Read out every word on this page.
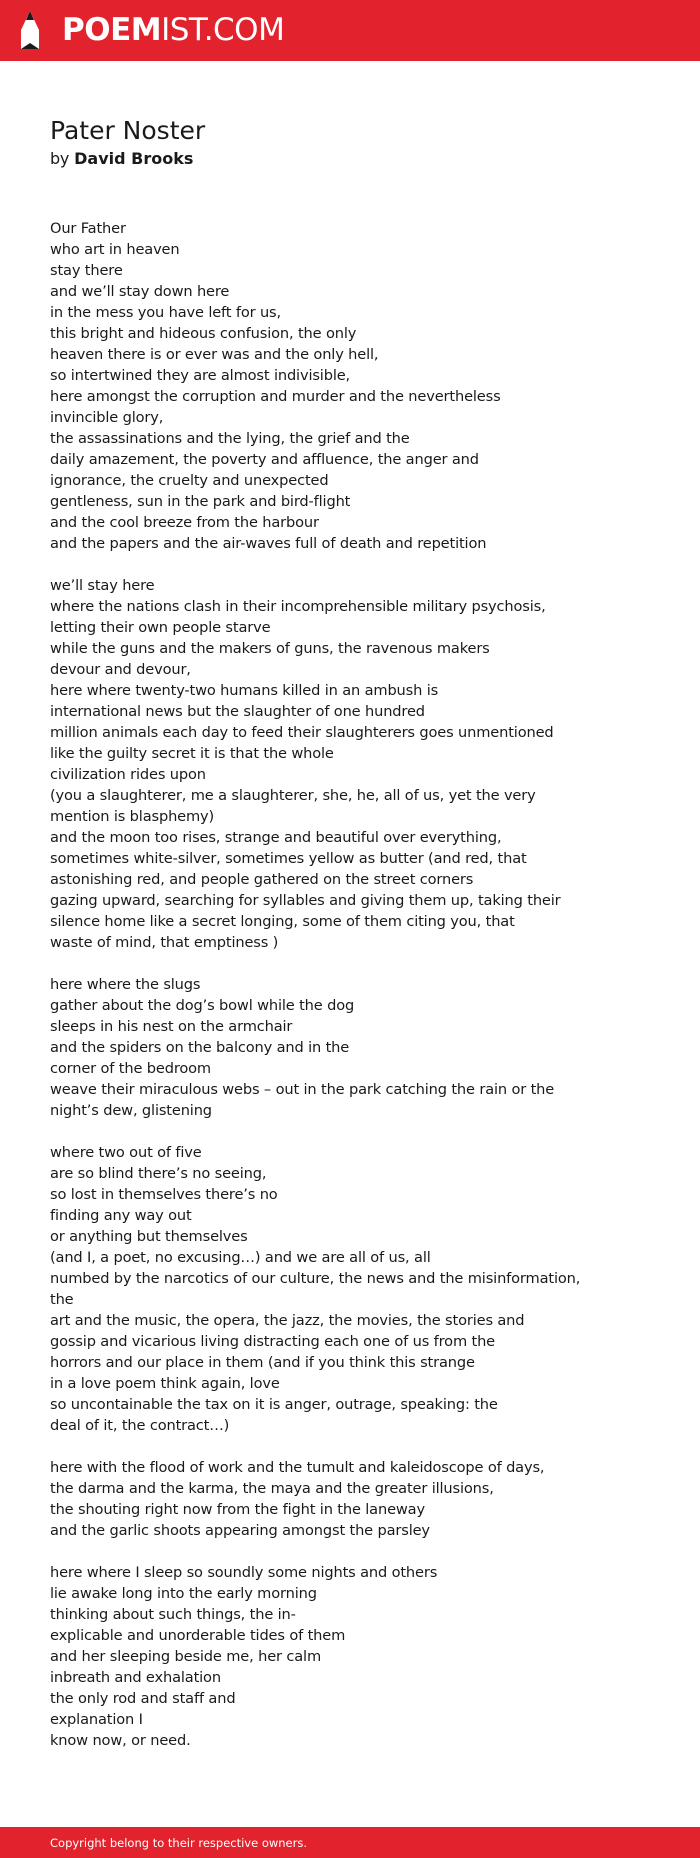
POEMIST.COM
Pater Noster
by David Brooks
Our Father
who art in heaven
stay there
and we’ll stay down here
in the mess you have left for us,
this bright and hideous confusion, the only
heaven there is or ever was and the only hell,
so intertwined they are almost indivisible,
here amongst the corruption and murder and the nevertheless
invincible glory,
the assassinations and the lying, the grief and the
daily amazement, the poverty and affluence, the anger and
ignorance, the cruelty and unexpected
gentleness, sun in the park and bird-flight
and the cool breeze from the harbour
and the papers and the air-waves full of death and repetition
we’ll stay here
where the nations clash in their incomprehensible military psychosis,
letting their own people starve
while the guns and the makers of guns, the ravenous makers
devour and devour,
here where twenty-two humans killed in an ambush is
international news but the slaughter of one hundred
million animals each day to feed their slaughterers goes unmentioned
like the guilty secret it is that the whole
civilization rides upon
(you a slaughterer, me a slaughterer, she, he, all of us, yet the very
mention is blasphemy)
and the moon too rises, strange and beautiful over everything,
sometimes white-silver, sometimes yellow as butter (and red, that
astonishing red, and people gathered on the street corners
gazing upward, searching for syllables and giving them up, taking their
silence home like a secret longing, some of them citing you, that
waste of mind, that emptiness )
here where the slugs
gather about the dog’s bowl while the dog
sleeps in his nest on the armchair
and the spiders on the balcony and in the
corner of the bedroom
weave their miraculous webs – out in the park catching the rain or the
night’s dew, glistening
where two out of five
are so blind there’s no seeing,
so lost in themselves there’s no
finding any way out
or anything but themselves
(and I, a poet, no excusing…) and we are all of us, all
numbed by the narcotics of our culture, the news and the misinformation,
the
art and the music, the opera, the jazz, the movies, the stories and
gossip and vicarious living distracting each one of us from the
horrors and our place in them (and if you think this strange
in a love poem think again, love
so uncontainable the tax on it is anger, outrage, speaking: the
deal of it, the contract…)
here with the flood of work and the tumult and kaleidoscope of days,
the darma and the karma, the maya and the greater illusions,
the shouting right now from the fight in the laneway
and the garlic shoots appearing amongst the parsley
here where I sleep so soundly some nights and others
lie awake long into the early morning
thinking about such things, the in-
explicable and unorderable tides of them
and her sleeping beside me, her calm
inbreath and exhalation
the only rod and staff and
explanation I
know now, or need.
Copyright belong to their respective owners.
